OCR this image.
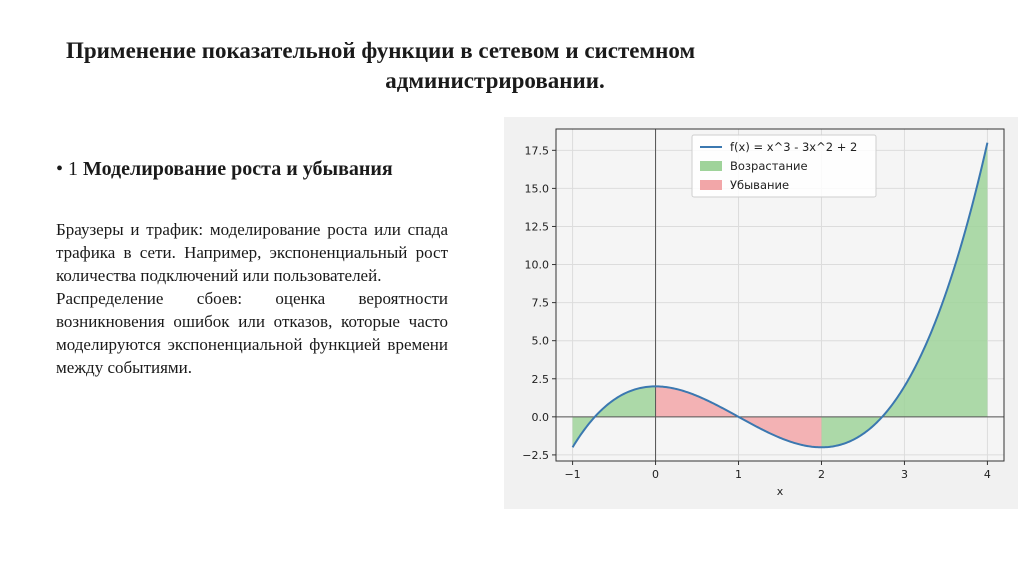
Применение показательной функции в сетевом и системном
администрировании.
• 1 Моделирование роста и убывания

Браузеры и трафик: моделирование роста или спада трафика в сети. Например, экспоненциальный рост количества подключений или пользователей.

Распределение сбоев: оценка вероятности возникновения ошибок или отказов, которые часто моделируются экспоненциальной функцией времени между событиями.

−1	0	1	2	3	4
−2.5
0.0
2.5
5.0
7.5
10.0
12.5
15.0
17.5
x
f(x) = x^3 - 3x^2 + 2
Возрастание
Убывание
